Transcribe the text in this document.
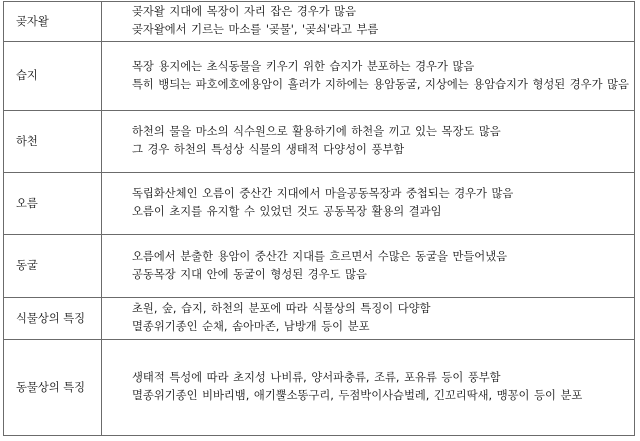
곶자왈	곶자왈 지대에 목장이 자리 잡은 경우가 많음

곶자왈에서 기르는 마소를 '곶물', '곶쇠'라고 부름

습지	목장 용지에는 초식동물을 키우기 위한 습지가 분포하는 경우가 많음

특히 뱅듸는 파호에호에용암이 흘러가 지하에는 용암동굴, 지상에는 용암습지가 형성된 경우가 많음

하천	하천의 물을 마소의 식수원으로 활용하기에 하천을 끼고 있는 목장도 많음

그 경우 하천의 특성상 식물의 생태적 다양성이 풍부함

오름	독립화산체인 오름이 중산간 지대에서 마을공동목장과 중첩되는 경우가 많음

오름이 초지를 유지할 수 있었던 것도 공동목장 활용의 결과임

동굴	오름에서 분출한 용암이 중산간 지대를 흐르면서 수많은 동굴을 만들어냈음

공동목장 지대 안에 동굴이 형성된 경우도 많음

식물상의 특징	초원, 숲, 습지, 하천의 분포에 따라 식물상의 특징이 다양함

멸종위기종인 순채, 솜아마존, 남방개 등이 분포

동물상의 특징	생태적 특성에 따라 초지성 나비류, 양서파충류, 조류, 포유류 등이 풍부함

멸종위기종인 비바리뱀, 애기뿔소똥구리, 두점박이사슴벌레, 긴꼬리딱새, 맹꽁이 등이 분포
